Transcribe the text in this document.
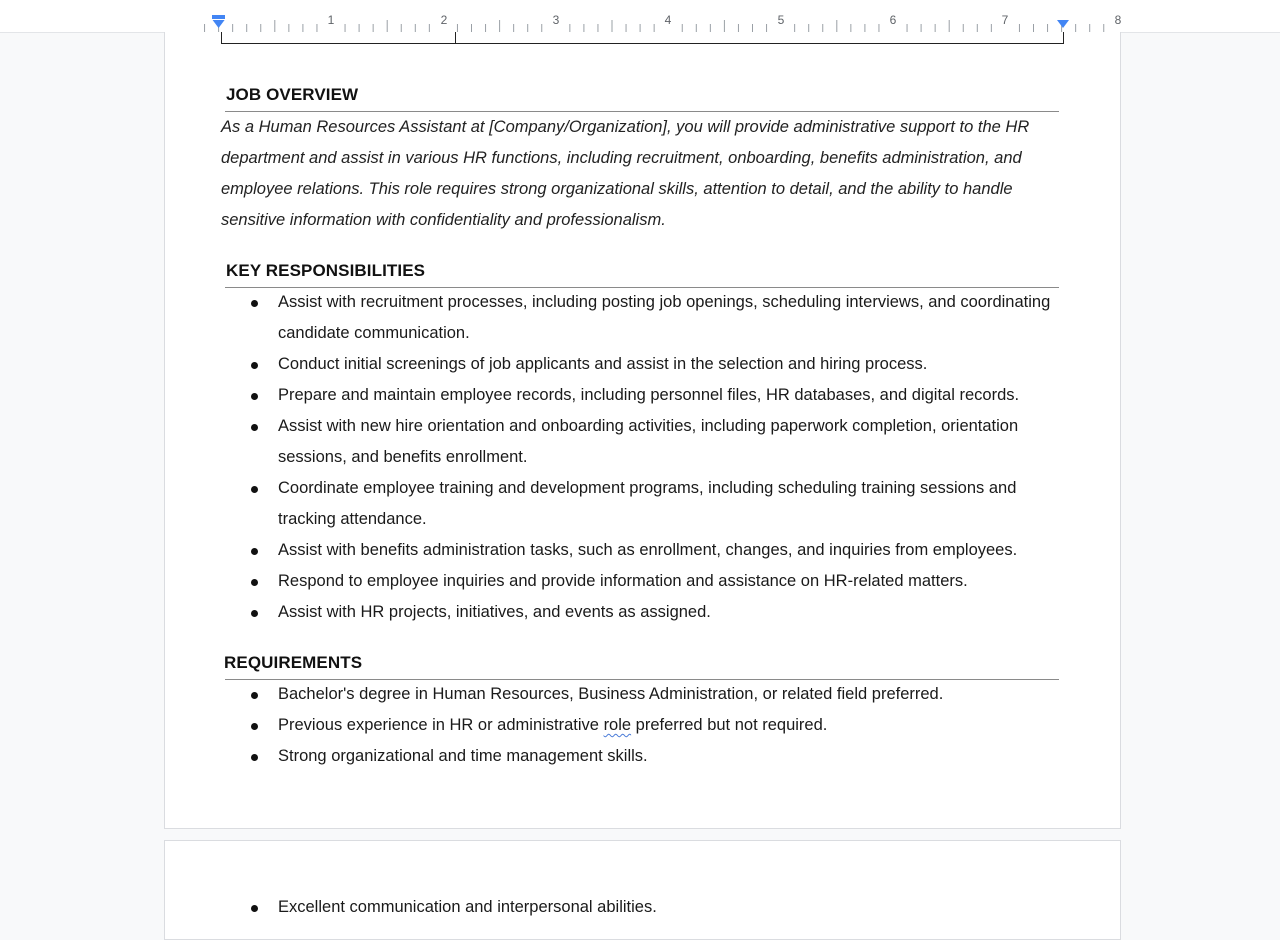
1	2	3	4	5	6	7	8
JOB OVERVIEW

As a Human Resources Assistant at [Company/Organization], you will provide administrative support to the HR department and assist in various HR functions, including recruitment, onboarding, benefits administration, and employee relations. This role requires strong organizational skills, attention to detail, and the ability to handle sensitive information with confidentiality and professionalism.

KEY RESPONSIBILITIES
Assist with recruitment processes, including posting job openings, scheduling interviews, and coordinating candidate communication.
Conduct initial screenings of job applicants and assist in the selection and hiring process.
Prepare and maintain employee records, including personnel files, HR databases, and digital records.
Assist with new hire orientation and onboarding activities, including paperwork completion, orientation sessions, and benefits enrollment.
Coordinate employee training and development programs, including scheduling training sessions and tracking attendance.
Assist with benefits administration tasks, such as enrollment, changes, and inquiries from employees.
Respond to employee inquiries and provide information and assistance on HR-related matters.
Assist with HR projects, initiatives, and events as assigned.
REQUIREMENTS
Bachelor's degree in Human Resources, Business Administration, or related field preferred.
Previous experience in HR or administrative role preferred but not required.
Strong organizational and time management skills.
Excellent communication and interpersonal abilities.
